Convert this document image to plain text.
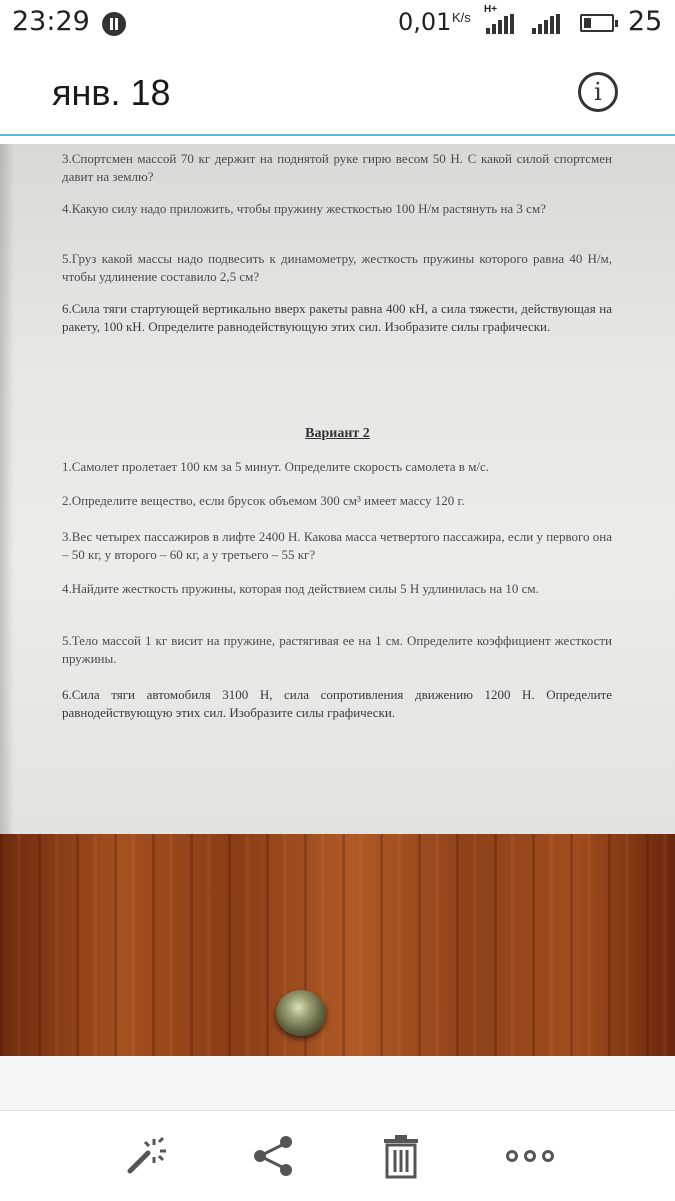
23:29	0,01 K/s
H+	25
янв. 18	i
3.Спортсмен массой 70 кг держит на поднятой руке гирю весом 50 Н. С какой силой спортсмен давит на землю?
4.Какую силу надо приложить, чтобы пружину жесткостью 100 Н/м растянуть на 3 см?
5.Груз какой массы надо подвесить к динамометру, жесткость пружины которого равна 40 Н/м, чтобы удлинение составило 2,5 см?
6.Сила тяги стартующей вертикально вверх ракеты равна 400 кН, а сила тяжести, действующая на ракету, 100 кН. Определите равнодействующую этих сил. Изобразите силы графически.
Вариант 2
1.Самолет пролетает 100 км за 5 минут. Определите скорость самолета в м/с.
2.Определите вещество, если брусок объемом 300 см³ имеет массу 120 г.
3.Вес четырех пассажиров в лифте 2400 Н. Какова масса четвертого пассажира, если у первого она – 50 кг, у второго – 60 кг, а у третьего – 55 кг?
4.Найдите жесткость пружины, которая под действием силы 5 Н удлинилась на 10 см.
5.Тело массой 1 кг висит на пружине, растягивая ее на 1 см. Определите коэффициент жесткости пружины.
6.Сила тяги автомобиля 3100 Н, сила сопротивления движению 1200 Н. Определите равнодействующую этих сил. Изобразите силы графически.
